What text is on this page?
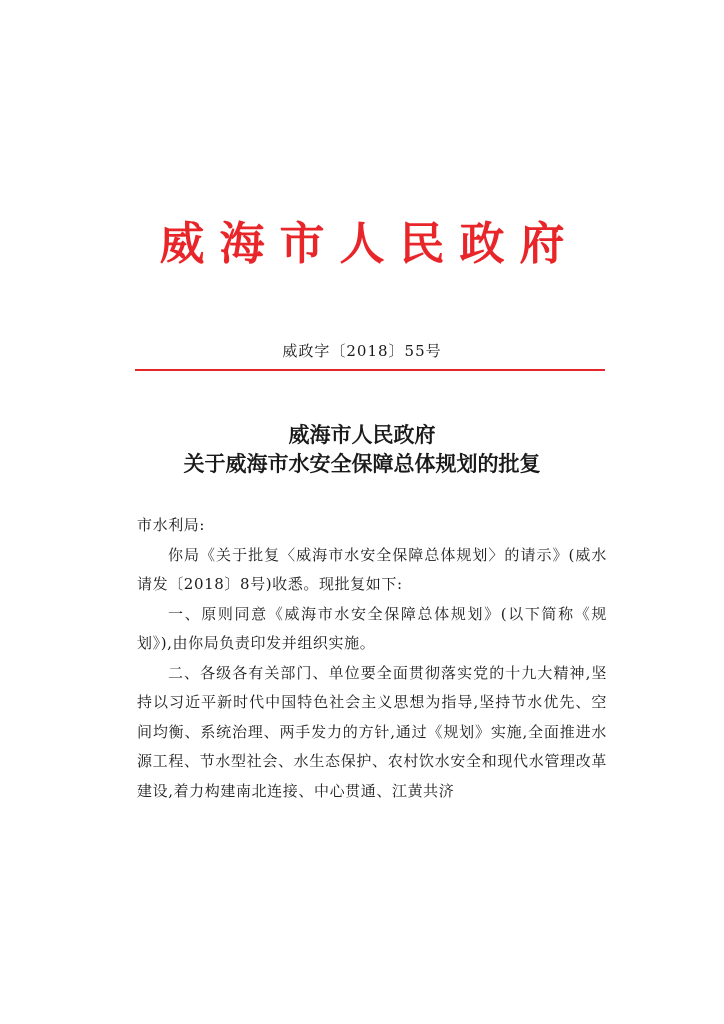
威海市人民政府
威政字〔2018〕55号
威海市人民政府
关于威海市水安全保障总体规划的批复

市水利局:

你局《关于批复〈威海市水安全保障总体规划〉的请示》(威水请发〔2018〕8号)收悉。现批复如下:

一、原则同意《威海市水安全保障总体规划》(以下简称《规划》),由你局负责印发并组织实施。

二、各级各有关部门、单位要全面贯彻落实党的十九大精神,坚持以习近平新时代中国特色社会主义思想为指导,坚持节水优先、空间均衡、系统治理、两手发力的方针,通过《规划》实施,全面推进水源工程、节水型社会、水生态保护、农村饮水安全和现代水管理改革建设,着力构建南北连接、中心贯通、江黄共济
